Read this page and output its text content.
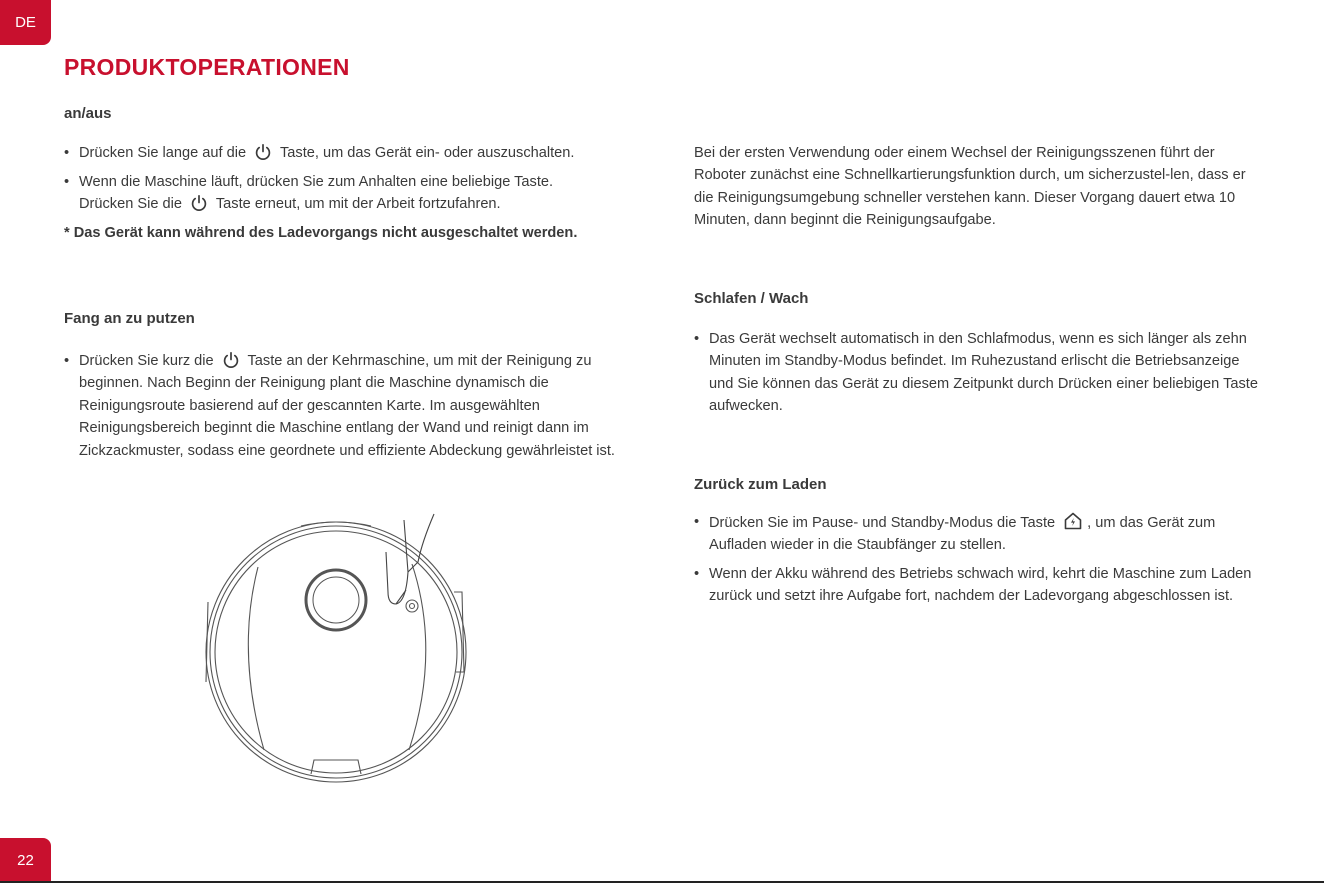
DE
PRODUKTOPERATIONEN
an/aus
• Drücken Sie lange auf die Taste, um das Gerät ein- oder auszuschalten.
• Wenn die Maschine läuft, drücken Sie zum Anhalten eine beliebige Taste.
Drücken Sie die Taste erneut, um mit der Arbeit fortzufahren.
* Das Gerät kann während des Ladevorgangs nicht ausgeschaltet werden.
Fang an zu putzen
• Drücken Sie kurz die Taste an der Kehrmaschine, um mit der Reinigung zu beginnen. Nach Beginn der Reinigung plant die Maschine dynamisch die Reinigungsroute basierend auf der gescannten Karte. Im ausgewählten Reinigungsbereich beginnt die Maschine entlang der Wand und reinigt dann im Zickzackmuster, sodass eine geordnete und effiziente Abdeckung gewährleistet ist.
Bei der ersten Verwendung oder einem Wechsel der Reinigungsszenen führt der Roboter zunächst eine Schnellkartierungsfunktion durch, um sicherzustel-len, dass er die Reinigungsumgebung schneller verstehen kann. Dieser Vorgang dauert etwa 10 Minuten, dann beginnt die Reinigungsaufgabe.
Schlafen / Wach
• Das Gerät wechselt automatisch in den Schlafmodus, wenn es sich länger als zehn Minuten im Standby-Modus befindet. Im Ruhezustand erlischt die Betriebsanzeige und Sie können das Gerät zu diesem Zeitpunkt durch Drücken einer beliebigen Taste aufwecken.
Zurück zum Laden
• Drücken Sie im Pause- und Standby-Modus die Taste , um das Gerät zum
Aufladen wieder in die Staubfänger zu stellen.
• Wenn der Akku während des Betriebs schwach wird, kehrt die Maschine zum Laden zurück und setzt ihre Aufgabe fort, nachdem der Ladevorgang abgeschlossen ist.
22
